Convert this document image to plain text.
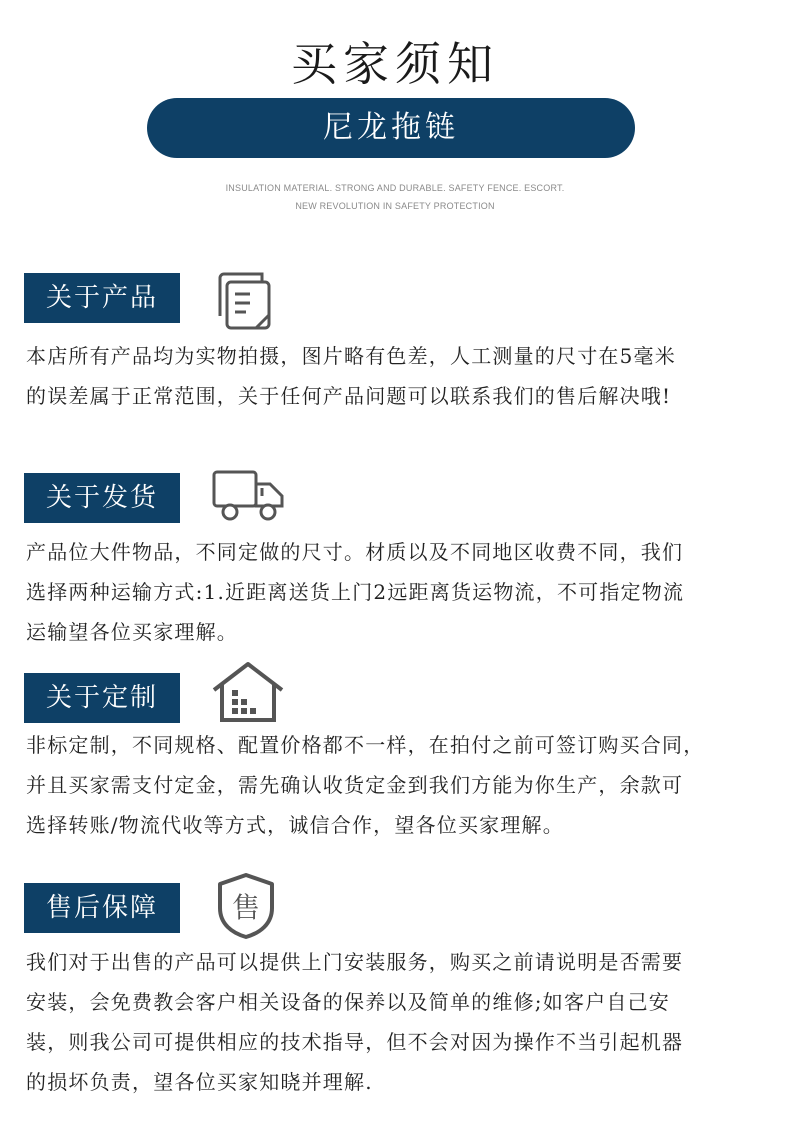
买家须知
尼龙拖链
INSULATION MATERIAL. STRONG AND DURABLE. SAFETY FENCE. ESCORT.
NEW REVOLUTION IN SAFETY PROTECTION
关于产品
本店所有产品均为实物拍摄，图片略有色差，人工测量的尺寸在5毫米
的误差属于正常范围，关于任何产品问题可以联系我们的售后解决哦!
关于发货
产品位大件物品，不同定做的尺寸。材质以及不同地区收费不同，我们
选择两种运输方式:1.近距离送货上门2远距离货运物流，不可指定物流
运输望各位买家理解。
关于定制
非标定制，不同规格、配置价格都不一样，在拍付之前可签订购买合同，
并且买家需支付定金，需先确认收货定金到我们方能为你生产，余款可
选择转账/物流代收等方式，诚信合作，望各位买家理解。
售后保障	售
我们对于出售的产品可以提供上门安装服务，购买之前请说明是否需要
安装，会免费教会客户相关设备的保养以及简单的维修;如客户自己安
装，则我公司可提供相应的技术指导，但不会对因为操作不当引起机器
的损坏负责，望各位买家知晓并理解.
